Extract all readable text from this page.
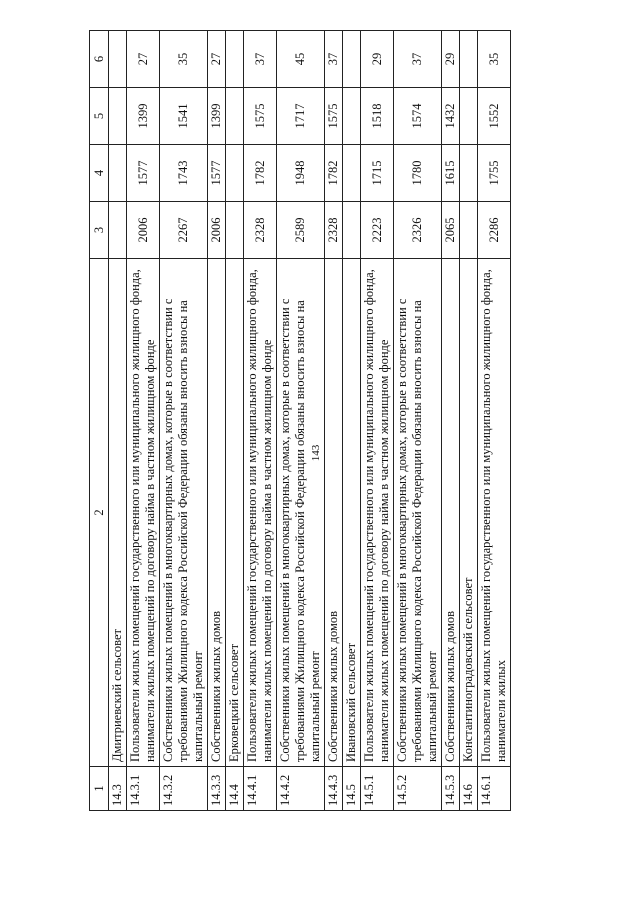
143
1	2	3	4	5	6
14.3	Дмитриевский сельсовет				
14.3.1	Пользователи жилых помещений государственного или муниципального жилищного фонда, наниматели жилых помещений по договору найма в частном жилищном фонде	2006	1577	1399	27
14.3.2	Собственники жилых помещений в многоквартирных домах, которые в соответствии с требованиями Жилищного кодекса Российской Федерации обязаны вносить взносы на капитальный ремонт	2267	1743	1541	35
14.3.3	Собственники жилых домов	2006	1577	1399	27
14.4	Ерковецкий сельсовет				
14.4.1	Пользователи жилых помещений государственного или муниципального жилищного фонда, наниматели жилых помещений по договору найма в частном жилищном фонде	2328	1782	1575	37
14.4.2	Собственники жилых помещений в многоквартирных домах, которые в соответствии с требованиями Жилищного кодекса Российской Федерации обязаны вносить взносы на капитальный ремонт	2589	1948	1717	45
14.4.3	Собственники жилых домов	2328	1782	1575	37
14.5	Ивановский сельсовет				
14.5.1	Пользователи жилых помещений государственного или муниципального жилищного фонда, наниматели жилых помещений по договору найма в частном жилищном фонде	2223	1715	1518	29
14.5.2	Собственники жилых помещений в многоквартирных домах, которые в соответствии с требованиями Жилищного кодекса Российской Федерации обязаны вносить взносы на капитальный ремонт	2326	1780	1574	37
14.5.3	Собственники жилых домов	2065	1615	1432	29
14.6	Константиноградовский сельсовет				
14.6.1	Пользователи жилых помещений государственного или муниципального жилищного фонда, наниматели жилых	2286	1755	1552	35
